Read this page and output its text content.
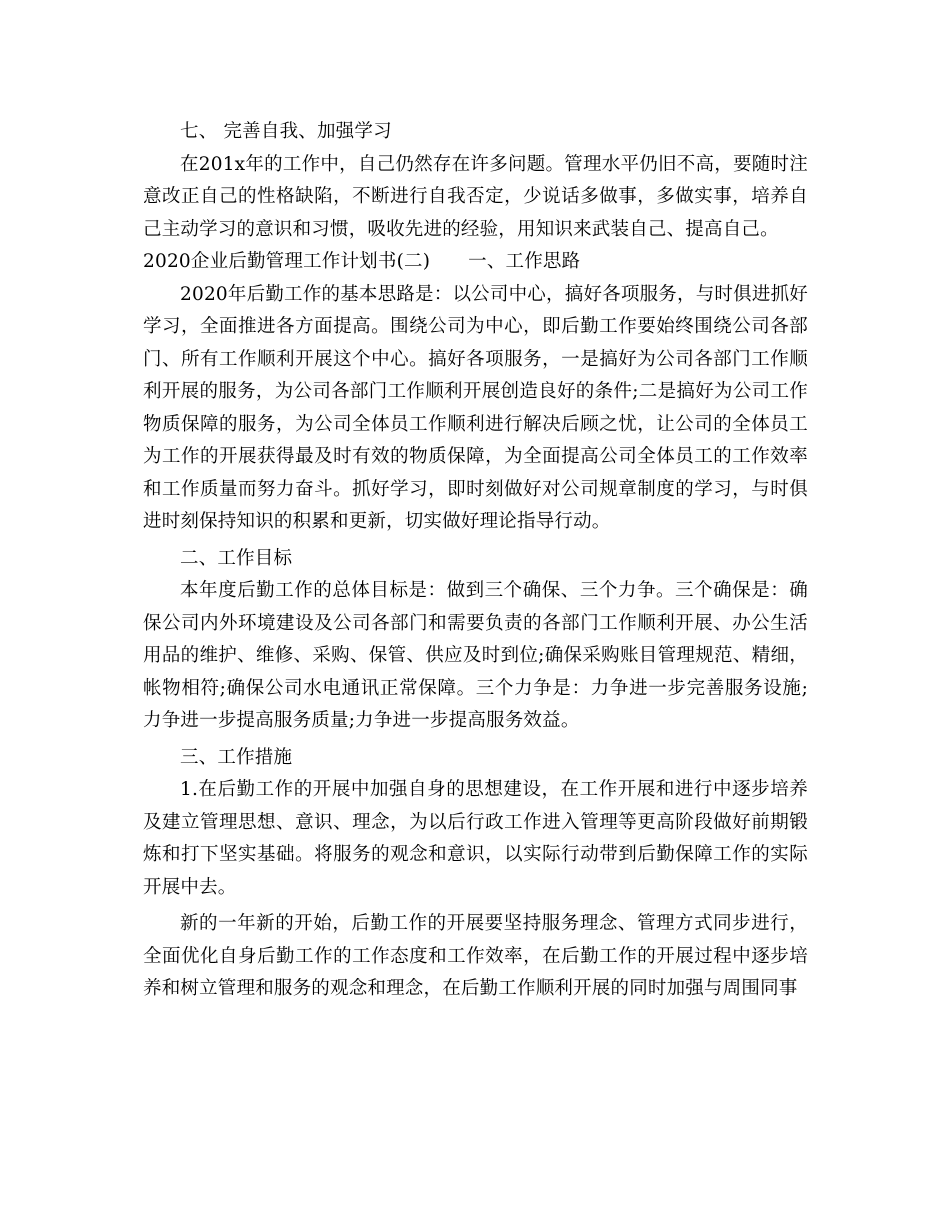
七、 完善自我、加强学习

在201x年的工作中，自己仍然存在许多问题。管理水平仍旧不高，要随时注意改正自己的性格缺陷，不断进行自我否定，少说话多做事，多做实事，培养自己主动学习的意识和习惯，吸收先进的经验，用知识来武装自己、提高自己。

2020企业后勤管理工作计划书(二) 一、工作思路

2020年后勤工作的基本思路是：以公司中心，搞好各项服务，与时俱进抓好学习，全面推进各方面提高。围绕公司为中心，即后勤工作要始终围绕公司各部门、所有工作顺利开展这个中心。搞好各项服务，一是搞好为公司各部门工作顺利开展的服务，为公司各部门工作顺利开展创造良好的条件;二是搞好为公司工作物质保障的服务，为公司全体员工作顺利进行解决后顾之忧，让公司的全体员工为工作的开展获得最及时有效的物质保障，为全面提高公司全体员工的工作效率和工作质量而努力奋斗。抓好学习，即时刻做好对公司规章制度的学习，与时俱进时刻保持知识的积累和更新，切实做好理论指导行动。

二、工作目标

本年度后勤工作的总体目标是：做到三个确保、三个力争。三个确保是：确保公司内外环境建设及公司各部门和需要负责的各部门工作顺利开展、办公生活用品的维护、维修、采购、保管、供应及时到位;确保采购账目管理规范、精细，帐物相符;确保公司水电通讯正常保障。三个力争是：力争进一步完善服务设施;力争进一步提高服务质量;力争进一步提高服务效益。

三、工作措施

1.在后勤工作的开展中加强自身的思想建设，在工作开展和进行中逐步培养及建立管理思想、意识、理念，为以后行政工作进入管理等更高阶段做好前期锻炼和打下坚实基础。将服务的观念和意识，以实际行动带到后勤保障工作的实际开展中去。

新的一年新的开始，后勤工作的开展要坚持服务理念、管理方式同步进行，全面优化自身后勤工作的工作态度和工作效率，在后勤工作的开展过程中逐步培养和树立管理和服务的观念和理念，在后勤工作顺利开展的同时加强与周围同事
